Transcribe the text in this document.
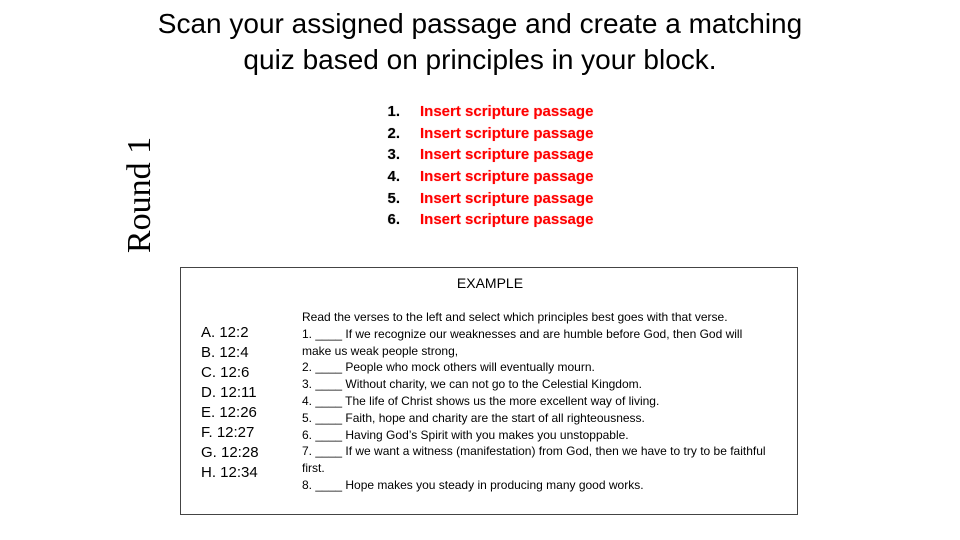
Scan your assigned passage and create a matching
quiz based on principles in your block.
Round 1
1. Insert scripture passage
2. Insert scripture passage
3. Insert scripture passage
4. Insert scripture passage
5. Insert scripture passage
6. Insert scripture passage
EXAMPLE
A. 12:2
B. 12:4
C. 12:6
D. 12:11
E. 12:26
F. 12:27
G. 12:28
H. 12:34
Read the verses to the left and select which principles best goes with that verse.
1. ____ If we recognize our weaknesses and are humble before God, then God will make us weak people strong,
2. ____ People who mock others will eventually mourn.
3. ____ Without charity, we can not go to the Celestial Kingdom.
4. ____ The life of Christ shows us the more excellent way of living.
5. ____ Faith, hope and charity are the start of all righteousness.
6. ____ Having God’s Spirit with you makes you unstoppable.
7. ____ If we want a witness (manifestation) from God, then we have to try to be faithful first.
8. ____ Hope makes you steady in producing many good works.
